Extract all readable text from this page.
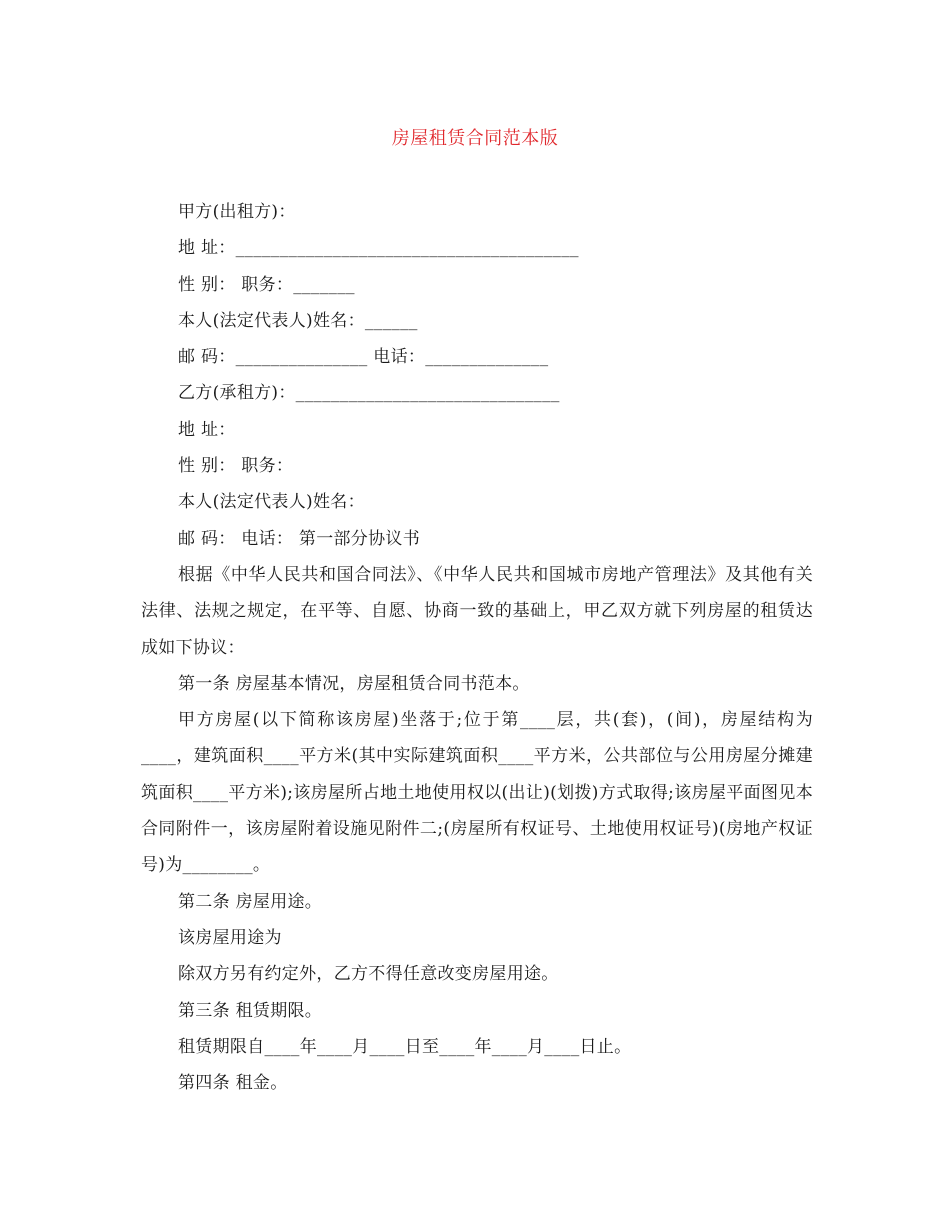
房屋租赁合同范本版

甲方(出租方)：

地 址：_______________________________________

性 别： 职务：_______

本人(法定代表人)姓名：______

邮 码：_______________ 电话：______________

乙方(承租方)：______________________________

地 址：

性 别： 职务：

本人(法定代表人)姓名：

邮 码： 电话： 第一部分协议书

根据《中华人民共和国合同法》、《中华人民共和国城市房地产管理法》及其他有关法律、法规之规定，在平等、自愿、协商一致的基础上，甲乙双方就下列房屋的租赁达成如下协议：

第一条 房屋基本情况，房屋租赁合同书范本。

甲方房屋(以下简称该房屋)坐落于;位于第____层，共(套)，(间)，房屋结构为____，建筑面积____平方米(其中实际建筑面积____平方米，公共部位与公用房屋分摊建筑面积____平方米);该房屋所占地土地使用权以(出让)(划拨)方式取得;该房屋平面图见本合同附件一，该房屋附着设施见附件二;(房屋所有权证号、土地使用权证号)(房地产权证号)为________。

第二条 房屋用途。

该房屋用途为

除双方另有约定外，乙方不得任意改变房屋用途。

第三条 租赁期限。

租赁期限自____年____月____日至____年____月____日止。

第四条 租金。
